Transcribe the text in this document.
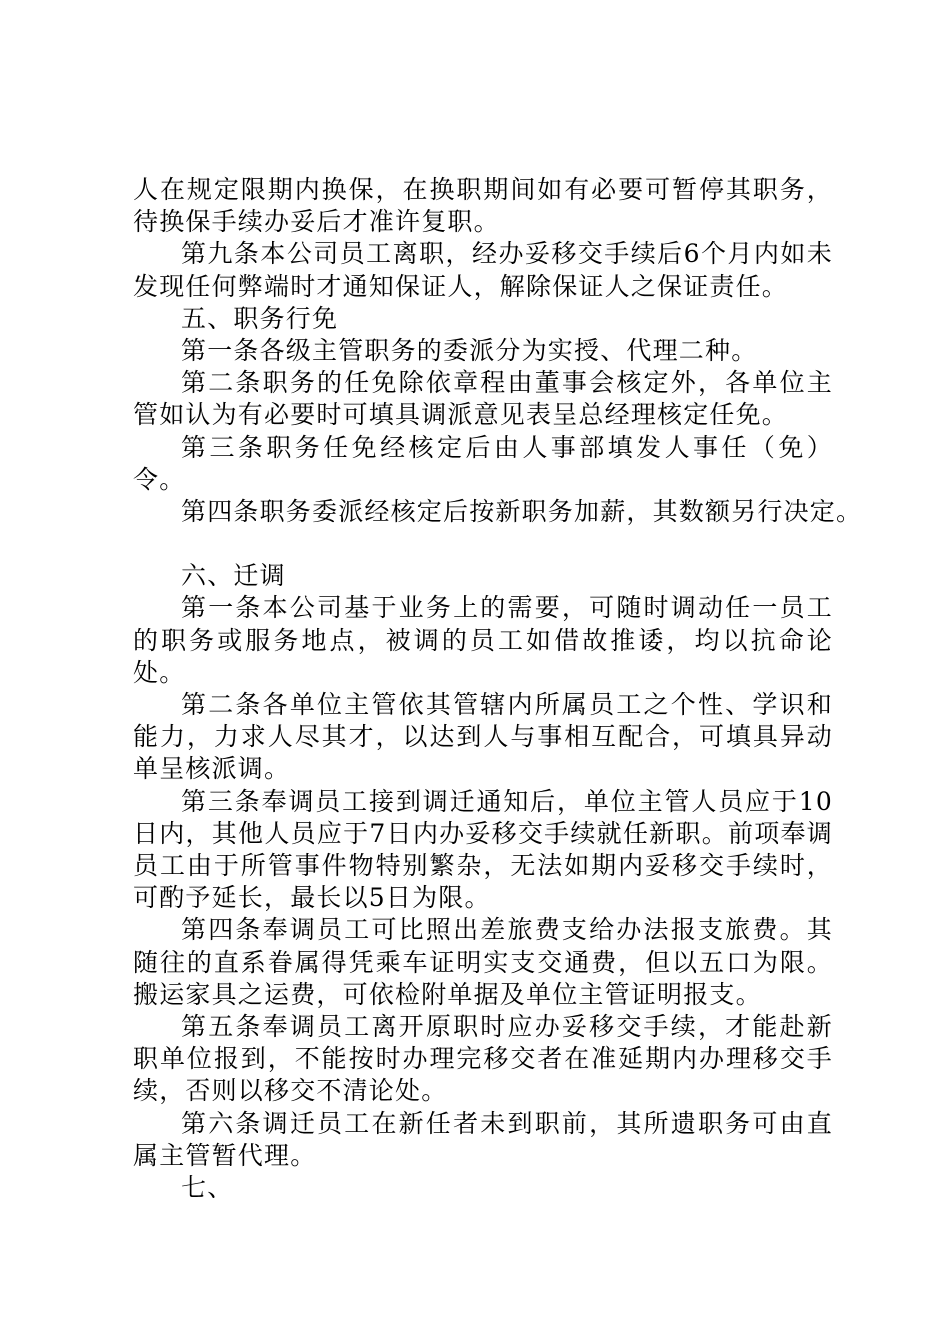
人在规定限期内换保，在换职期间如有必要可暂停其职务，待换保手续办妥后才准许复职。

第九条本公司员工离职，经办妥移交手续后6个月内如未发现任何弊端时才通知保证人，解除保证人之保证责任。

五、职务行免

第一条各级主管职务的委派分为实授、代理二种。

第二条职务的任免除依章程由董事会核定外，各单位主管如认为有必要时可填具调派意见表呈总经理核定任免。

第三条职务任免经核定后由人事部填发人事任（免）令。

第四条职务委派经核定后按新职务加薪，其数额另行决定。

六、迁调

第一条本公司基于业务上的需要，可随时调动任一员工的职务或服务地点，被调的员工如借故推诿，均以抗命论处。

第二条各单位主管依其管辖内所属员工之个性、学识和能力，力求人尽其才，以达到人与事相互配合，可填具异动单呈核派调。

第三条奉调员工接到调迁通知后，单位主管人员应于10日内，其他人员应于7日内办妥移交手续就任新职。前项奉调员工由于所管事件物特别繁杂，无法如期内妥移交手续时，可酌予延长，最长以5日为限。

第四条奉调员工可比照出差旅费支给办法报支旅费。其随往的直系眷属得凭乘车证明实支交通费，但以五口为限。搬运家具之运费，可依检附单据及单位主管证明报支。

第五条奉调员工离开原职时应办妥移交手续，才能赴新职单位报到，不能按时办理完移交者在准延期内办理移交手续，否则以移交不清论处。

第六条调迁员工在新任者未到职前，其所遗职务可由直属主管暂代理。

七、
